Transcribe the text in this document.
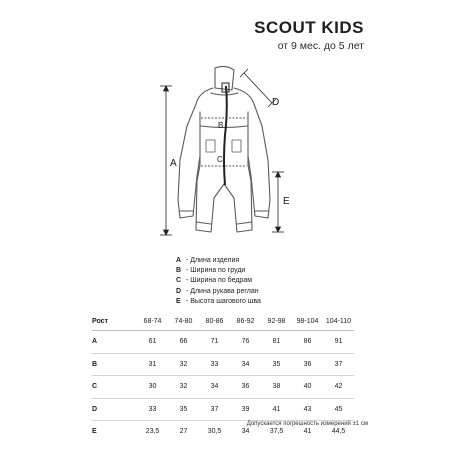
SCOUT KIDS
от 9 мес. до 5 лет
A
B
C
D
E
A - Длина изделия
B - Ширина по груди
C - Ширина по бедрам
D - Длина рукава реглан
E - Высота шагового шва
Рост	68-74	74-80	80-86	86-92	92-98	98-104	104-110
A	61	66	71	76	81	86	91
B	31	32	33	34	35	36	37
C	30	32	34	36	38	40	42
D	33	35	37	39	41	43	45
E	23,5	27	30,5	34	37,5	41	44,5
Допускается погрешность измерений ±1 см
